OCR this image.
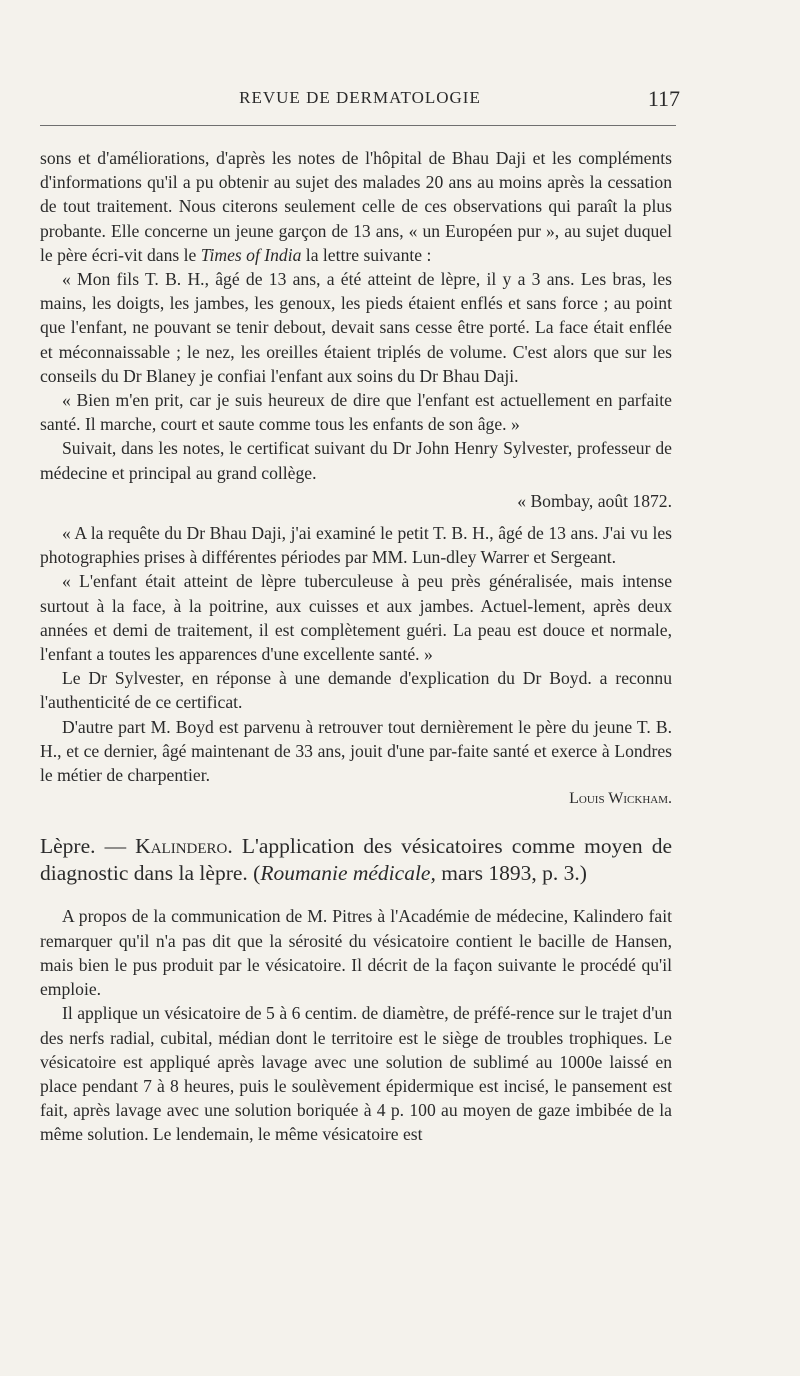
REVUE DE DERMATOLOGIE	117

sons et d'améliorations, d'après les notes de l'hôpital de Bhau Daji et les compléments d'informations qu'il a pu obtenir au sujet des malades 20 ans au moins après la cessation de tout traitement. Nous citerons seulement celle de ces observations qui paraît la plus probante. Elle concerne un jeune garçon de 13 ans, « un Européen pur », au sujet duquel le père écri-vit dans le Times of India la lettre suivante :

« Mon fils T. B. H., âgé de 13 ans, a été atteint de lèpre, il y a 3 ans. Les bras, les mains, les doigts, les jambes, les genoux, les pieds étaient enflés et sans force ; au point que l'enfant, ne pouvant se tenir debout, devait sans cesse être porté. La face était enflée et méconnaissable ; le nez, les oreilles étaient triplés de volume. C'est alors que sur les conseils du Dr Blaney je confiai l'enfant aux soins du Dr Bhau Daji.

« Bien m'en prit, car je suis heureux de dire que l'enfant est actuellement en parfaite santé. Il marche, court et saute comme tous les enfants de son âge. »

Suivait, dans les notes, le certificat suivant du Dr John Henry Sylvester, professeur de médecine et principal au grand collège.

« Bombay, août 1872.

« A la requête du Dr Bhau Daji, j'ai examiné le petit T. B. H., âgé de 13 ans. J'ai vu les photographies prises à différentes périodes par MM. Lun-dley Warrer et Sergeant.

« L'enfant était atteint de lèpre tuberculeuse à peu près généralisée, mais intense surtout à la face, à la poitrine, aux cuisses et aux jambes. Actuel-lement, après deux années et demi de traitement, il est complètement guéri. La peau est douce et normale, l'enfant a toutes les apparences d'une excellente santé. »

Le Dr Sylvester, en réponse à une demande d'explication du Dr Boyd. a reconnu l'authenticité de ce certificat.

D'autre part M. Boyd est parvenu à retrouver tout dernièrement le père du jeune T. B. H., et ce dernier, âgé maintenant de 33 ans, jouit d'une par-faite santé et exerce à Londres le métier de charpentier.

Louis Wickham.

Lèpre. — Kalindero. L'application des vésicatoires comme moyen de diagnostic dans la lèpre. (Roumanie médicale, mars 1893, p. 3.)

A propos de la communication de M. Pitres à l'Académie de médecine, Kalindero fait remarquer qu'il n'a pas dit que la sérosité du vésicatoire contient le bacille de Hansen, mais bien le pus produit par le vésicatoire. Il décrit de la façon suivante le procédé qu'il emploie.

Il applique un vésicatoire de 5 à 6 centim. de diamètre, de préfé-rence sur le trajet d'un des nerfs radial, cubital, médian dont le territoire est le siège de troubles trophiques. Le vésicatoire est appliqué après lavage avec une solution de sublimé au 1000e laissé en place pendant 7 à 8 heures, puis le soulèvement épidermique est incisé, le pansement est fait, après lavage avec une solution boriquée à 4 p. 100 au moyen de gaze imbibée de la même solution. Le lendemain, le même vésicatoire est
